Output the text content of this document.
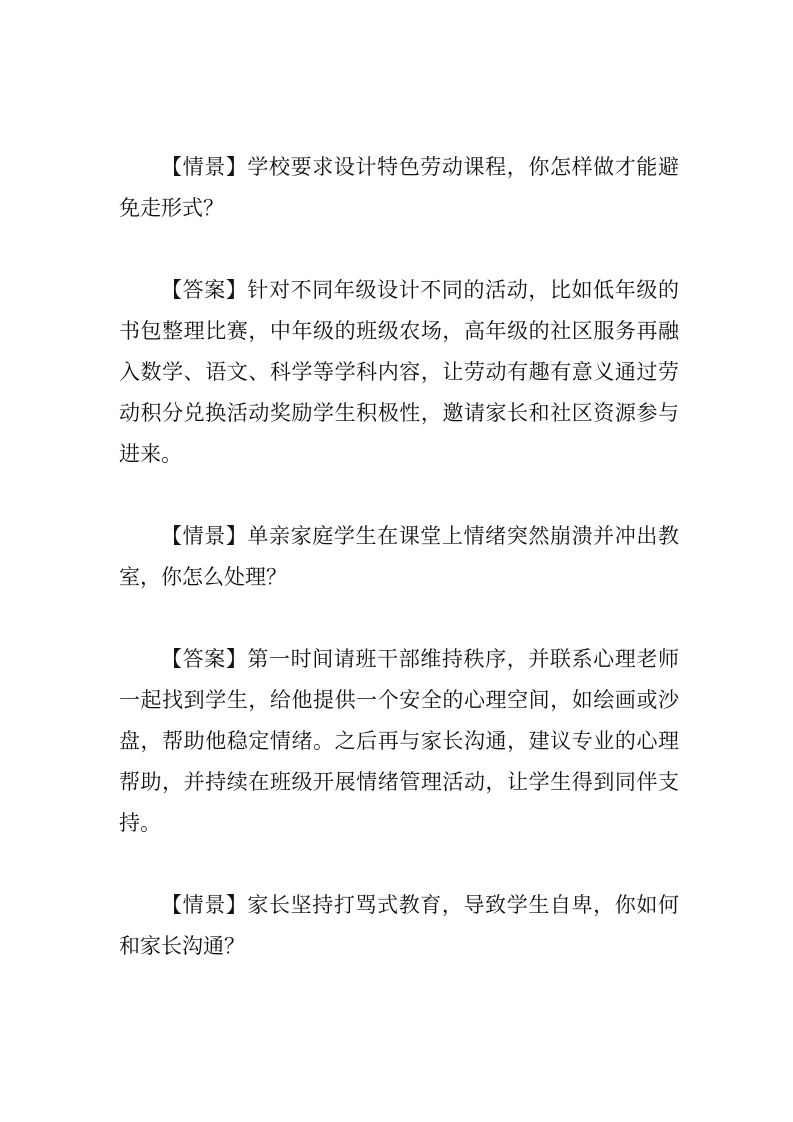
【情景】学校要求设计特色劳动课程，你怎样做才能避免走形式？

【答案】针对不同年级设计不同的活动，比如低年级的书包整理比赛，中年级的班级农场，高年级的社区服务再融入数学、语文、科学等学科内容，让劳动有趣有意义通过劳动积分兑换活动奖励学生积极性，邀请家长和社区资源参与进来。

【情景】单亲家庭学生在课堂上情绪突然崩溃并冲出教室，你怎么处理？

【答案】第一时间请班干部维持秩序，并联系心理老师一起找到学生，给他提供一个安全的心理空间，如绘画或沙盘，帮助他稳定情绪。之后再与家长沟通，建议专业的心理帮助，并持续在班级开展情绪管理活动，让学生得到同伴支持。

【情景】家长坚持打骂式教育，导致学生自卑，你如何和家长沟通？
